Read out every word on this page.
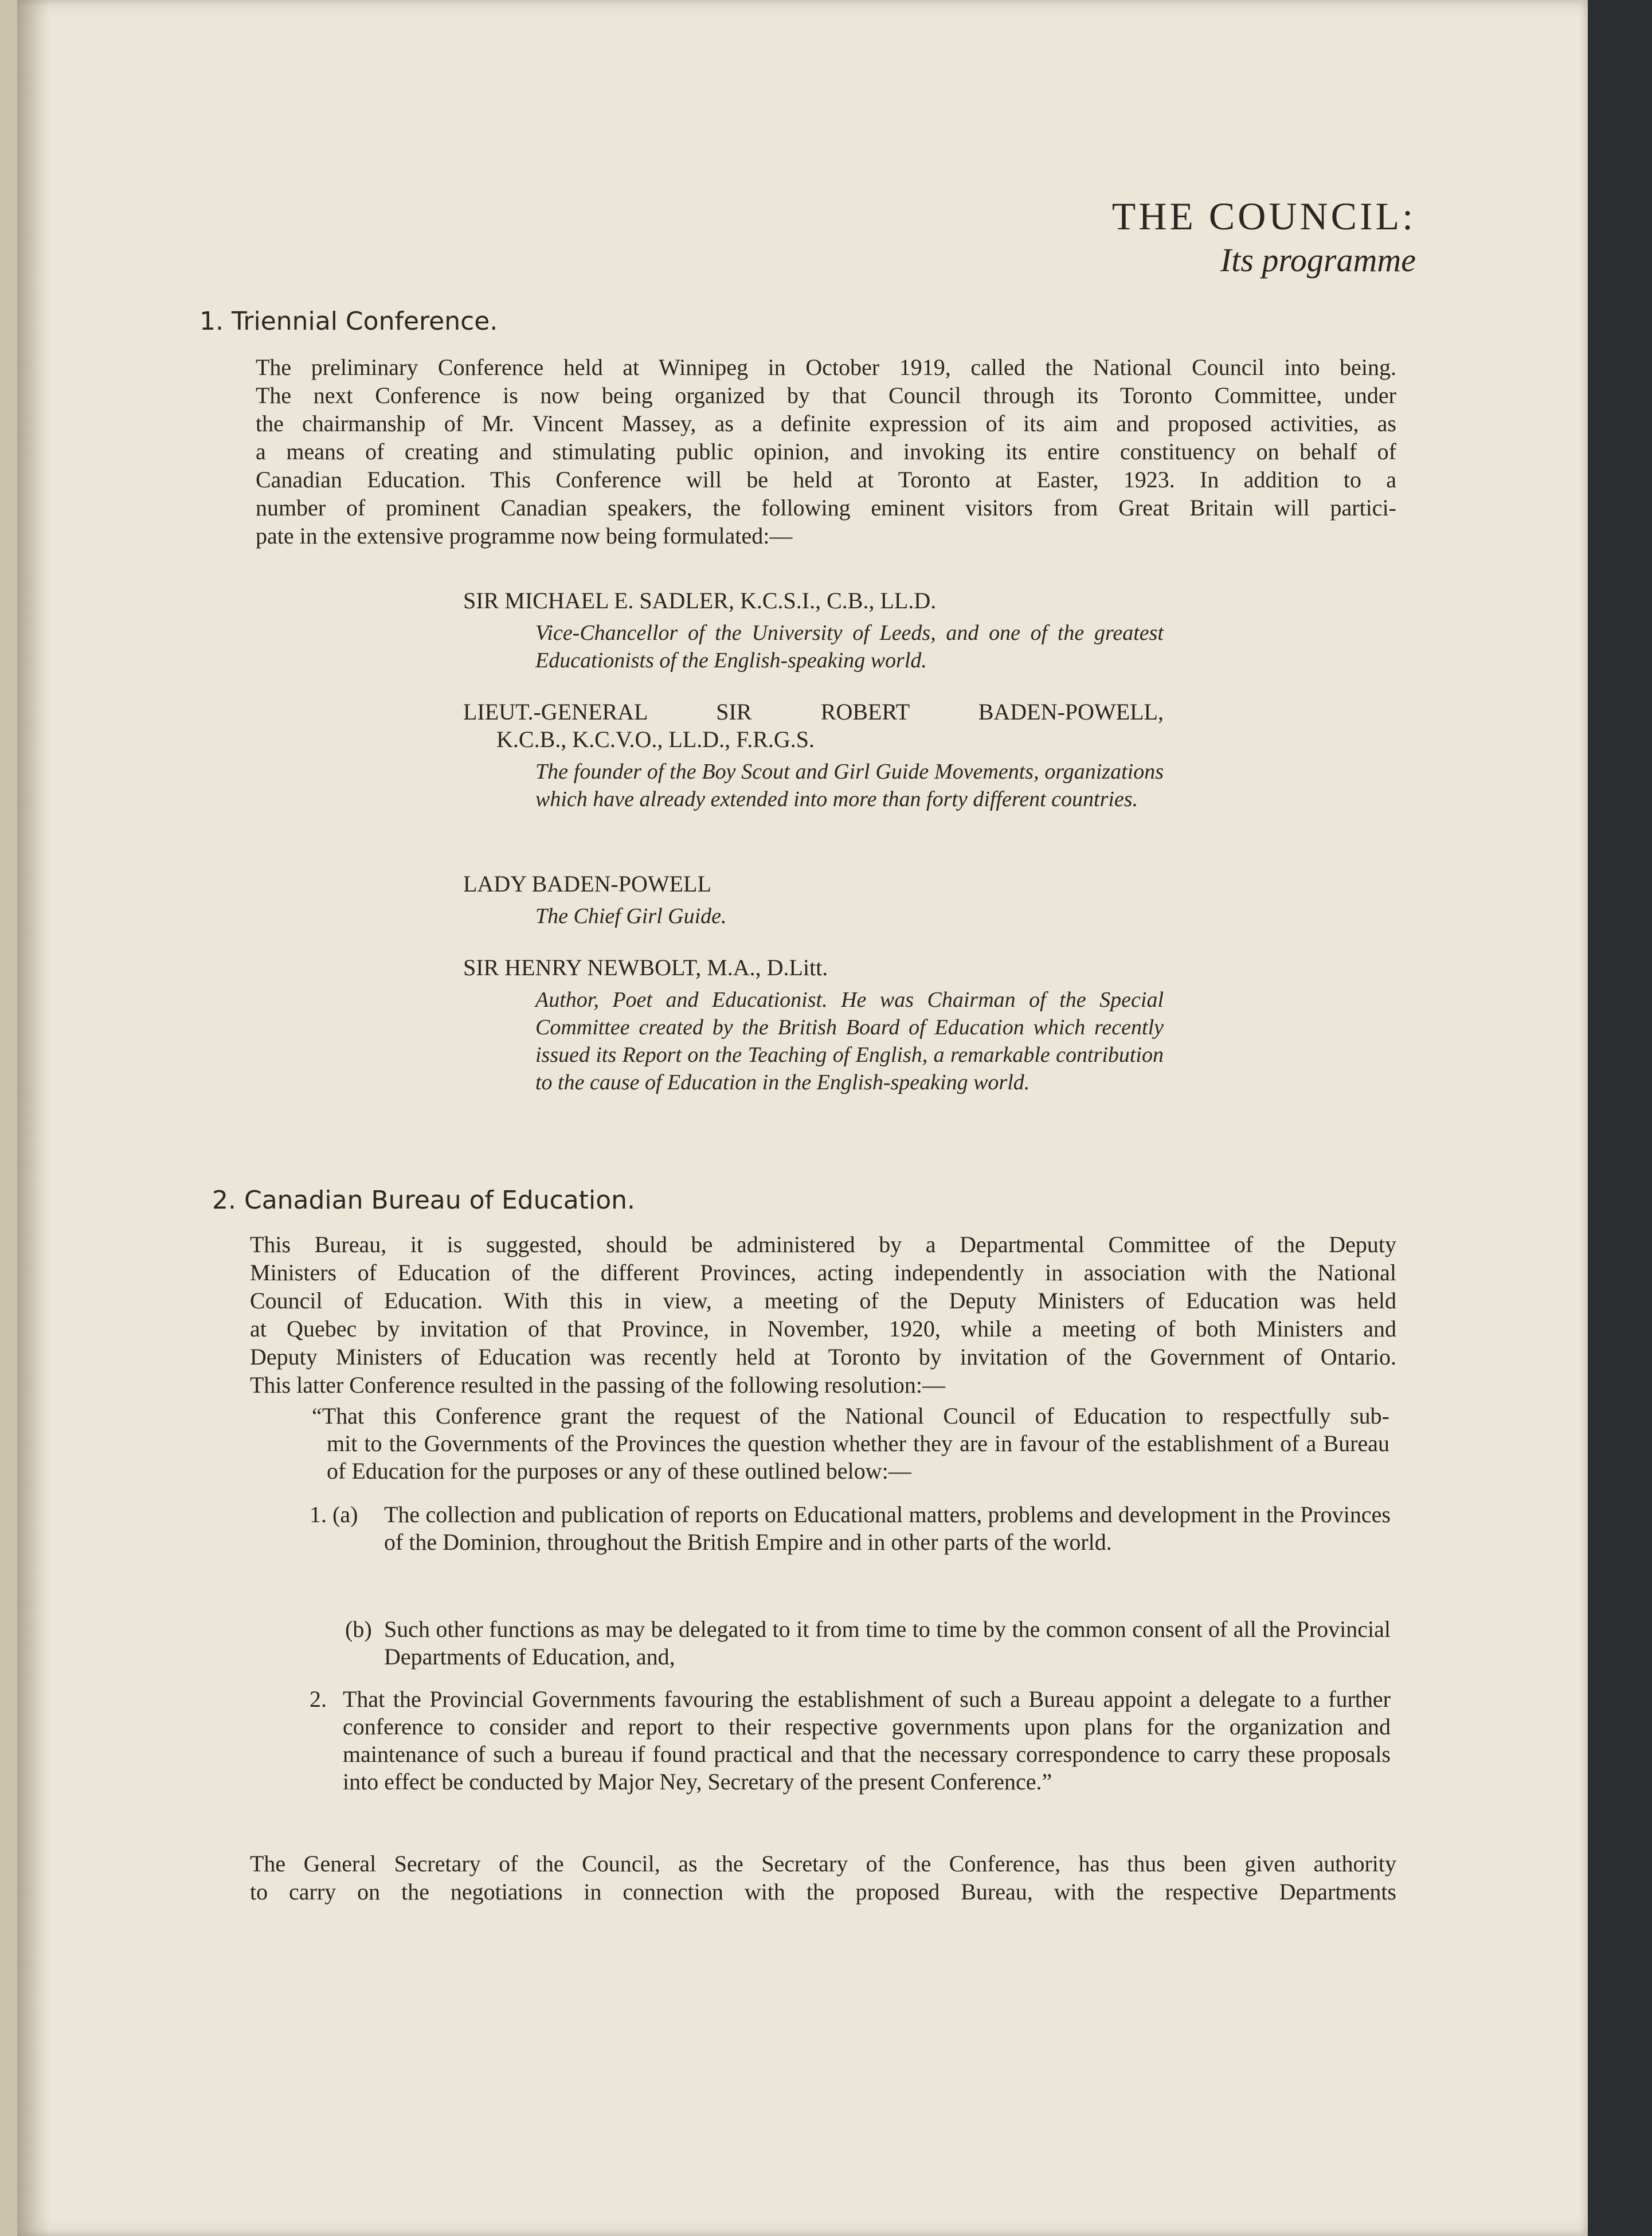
THE COUNCIL:
Its programme
1. Triennial Conference.

The preliminary Conference held at Winnipeg in October 1919, called the National Council into being.

The next Conference is now being organized by that Council through its Toronto Committee, under

the chairmanship of Mr. Vincent Massey, as a definite expression of its aim and proposed activities, as

a means of creating and stimulating public opinion, and invoking its entire constituency on behalf of

Canadian Education. This Conference will be held at Toronto at Easter, 1923. In addition to a

number of prominent Canadian speakers, the following eminent visitors from Great Britain will partici-

pate in the extensive programme now being formulated:—

SIR MICHAEL E. SADLER, K.C.S.I., C.B., LL.D.
Vice-Chancellor of the University of Leeds, and one of the greatest Educationists of the English-speaking world.
LIEUT.-GENERAL SIR ROBERT BADEN-POWELL,
K.C.B., K.C.V.O., LL.D., F.R.G.S.
The founder of the Boy Scout and Girl Guide Movements, organizations which have already extended into more than forty different countries.
LADY BADEN-POWELL
The Chief Girl Guide.
SIR HENRY NEWBOLT, M.A., D.Litt.
Author, Poet and Educationist. He was Chairman of the Special Committee created by the British Board of Education which recently issued its Report on the Teaching of English, a remarkable contribution to the cause of Education in the English-speaking world.
2. Canadian Bureau of Education.

This Bureau, it is suggested, should be administered by a Departmental Committee of the Deputy

Ministers of Education of the different Provinces, acting independently in association with the National

Council of Education. With this in view, a meeting of the Deputy Ministers of Education was held

at Quebec by invitation of that Province, in November, 1920, while a meeting of both Ministers and

Deputy Ministers of Education was recently held at Toronto by invitation of the Government of Ontario.

This latter Conference resulted in the passing of the following resolution:—

“That this Conference grant the request of the National Council of Education to respectfully sub-
mit to the Governments of the Provinces the question whether they are in favour of the establishment of a Bureau of Education for the purposes or any of these outlined below:—
1. (a)	The collection and publication of reports on Educational matters, problems and development in the Provinces of the Dominion, throughout the British Empire and in other parts of the world.
(b) Such other functions as may be delegated to it from time to time by the common consent of all the Provincial Departments of Education, and,
2. That the Provincial Governments favouring the establishment of such a Bureau appoint a delegate to a further conference to consider and report to their respective governments upon plans for the organization and maintenance of such a bureau if found practical and that the necessary correspondence to carry these proposals into effect be conducted by Major Ney, Secretary of the present Conference.”

The General Secretary of the Council, as the Secretary of the Conference, has thus been given authority

to carry on the negotiations in connection with the proposed Bureau, with the respective Departments
